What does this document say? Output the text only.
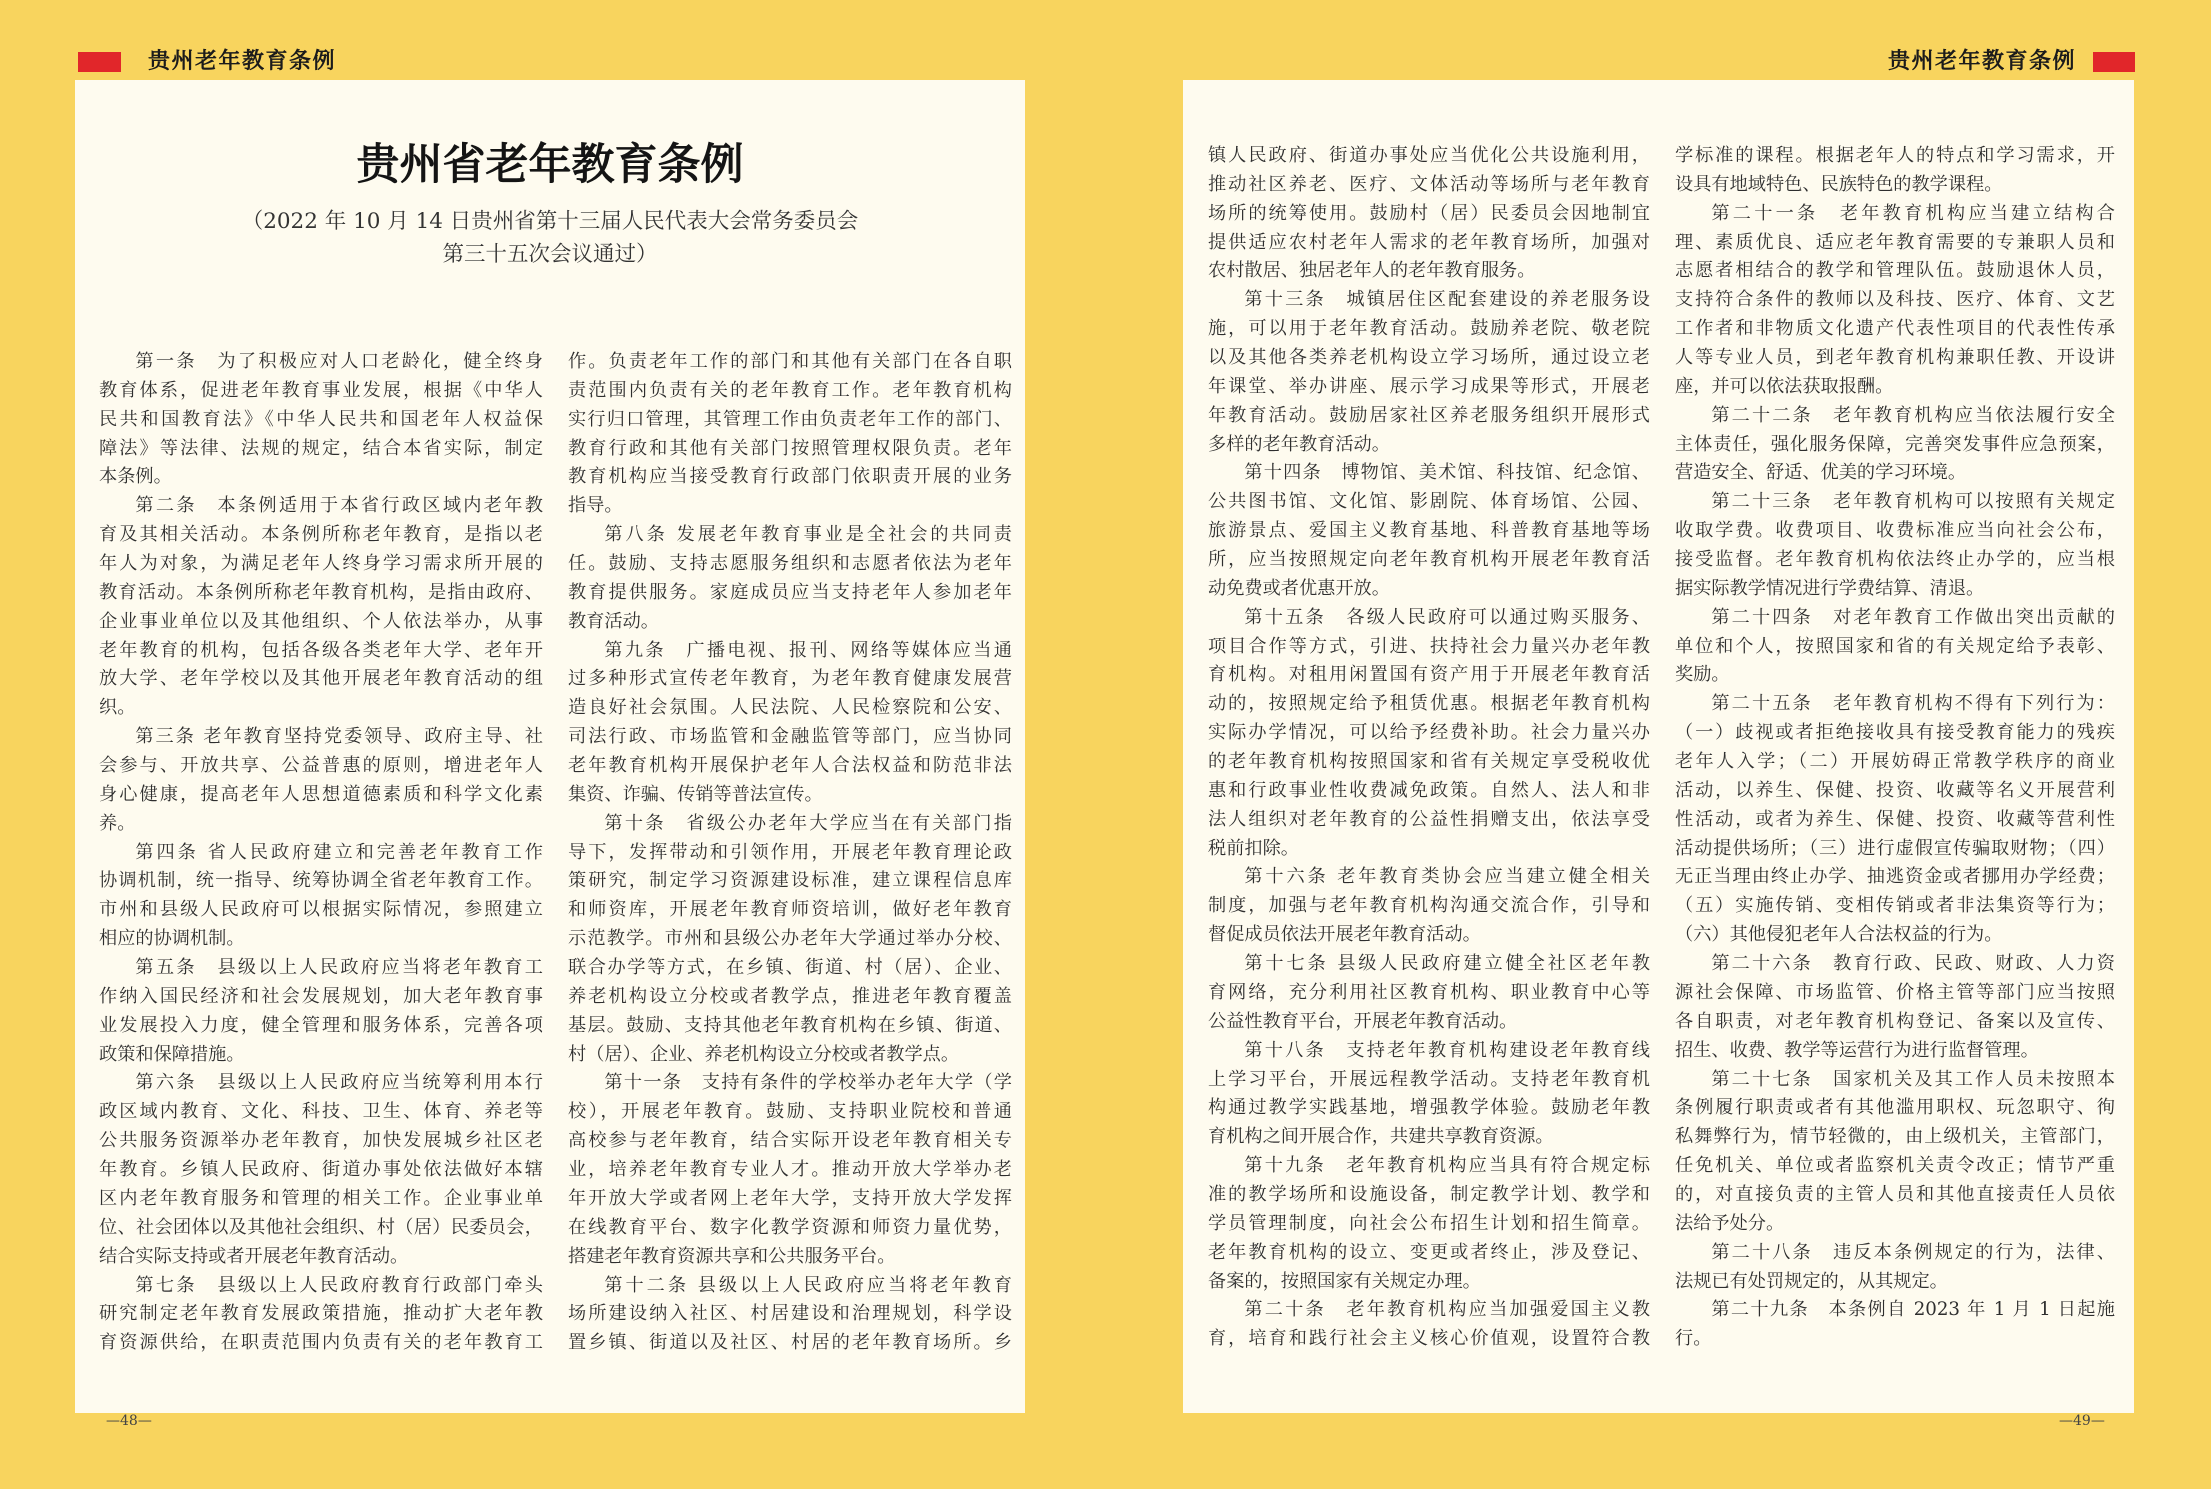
贵州老年教育条例
贵州省老年教育条例
（2022 年 10 月 14 日贵州省第十三届人民代表大会常务委员会
第三十五次会议通过）
第一条　为了积极应对人口老龄化，健全终身
教育体系，促进老年教育事业发展，根据《中华人
民共和国教育法》《中华人民共和国老年人权益保
障法》等法律、法规的规定，结合本省实际，制定
本条例。
第二条　本条例适用于本省行政区域内老年教
育及其相关活动。本条例所称老年教育，是指以老
年人为对象，为满足老年人终身学习需求所开展的
教育活动。本条例所称老年教育机构，是指由政府、
企业事业单位以及其他组织、个人依法举办，从事
老年教育的机构，包括各级各类老年大学、老年开
放大学、老年学校以及其他开展老年教育活动的组
织。
第三条 老年教育坚持党委领导、政府主导、社
会参与、开放共享、公益普惠的原则，增进老年人
身心健康，提高老年人思想道德素质和科学文化素
养。
第四条 省人民政府建立和完善老年教育工作
协调机制，统一指导、统筹协调全省老年教育工作。
市州和县级人民政府可以根据实际情况，参照建立
相应的协调机制。
第五条　县级以上人民政府应当将老年教育工
作纳入国民经济和社会发展规划，加大老年教育事
业发展投入力度，健全管理和服务体系，完善各项
政策和保障措施。
第六条　县级以上人民政府应当统筹利用本行
政区域内教育、文化、科技、卫生、体育、养老等
公共服务资源举办老年教育，加快发展城乡社区老
年教育。乡镇人民政府、街道办事处依法做好本辖
区内老年教育服务和管理的相关工作。企业事业单
位、社会团体以及其他社会组织、村（居）民委员会，
结合实际支持或者开展老年教育活动。
第七条　县级以上人民政府教育行政部门牵头
研究制定老年教育发展政策措施，推动扩大老年教
育资源供给，在职责范围内负责有关的老年教育工
作。负责老年工作的部门和其他有关部门在各自职
责范围内负责有关的老年教育工作。老年教育机构
实行归口管理，其管理工作由负责老年工作的部门、
教育行政和其他有关部门按照管理权限负责。老年
教育机构应当接受教育行政部门依职责开展的业务
指导。
第八条 发展老年教育事业是全社会的共同责
任。鼓励、支持志愿服务组织和志愿者依法为老年
教育提供服务。家庭成员应当支持老年人参加老年
教育活动。
第九条　广播电视、报刊、网络等媒体应当通
过多种形式宣传老年教育，为老年教育健康发展营
造良好社会氛围。人民法院、人民检察院和公安、
司法行政、市场监管和金融监管等部门，应当协同
老年教育机构开展保护老年人合法权益和防范非法
集资、诈骗、传销等普法宣传。
第十条　省级公办老年大学应当在有关部门指
导下，发挥带动和引领作用，开展老年教育理论政
策研究，制定学习资源建设标准，建立课程信息库
和师资库，开展老年教育师资培训，做好老年教育
示范教学。市州和县级公办老年大学通过举办分校、
联合办学等方式，在乡镇、街道、村（居）、企业、
养老机构设立分校或者教学点，推进老年教育覆盖
基层。鼓励、支持其他老年教育机构在乡镇、街道、
村（居）、企业、养老机构设立分校或者教学点。
第十一条　支持有条件的学校举办老年大学（学
校），开展老年教育。鼓励、支持职业院校和普通
高校参与老年教育，结合实际开设老年教育相关专
业，培养老年教育专业人才。推动开放大学举办老
年开放大学或者网上老年大学，支持开放大学发挥
在线教育平台、数字化教学资源和师资力量优势，
搭建老年教育资源共享和公共服务平台。
第十二条 县级以上人民政府应当将老年教育
场所建设纳入社区、村居建设和治理规划，科学设
置乡镇、街道以及社区、村居的老年教育场所。乡
—48—
贵州老年教育条例
镇人民政府、街道办事处应当优化公共设施利用，
推动社区养老、医疗、文体活动等场所与老年教育
场所的统筹使用。鼓励村（居）民委员会因地制宜
提供适应农村老年人需求的老年教育场所，加强对
农村散居、独居老年人的老年教育服务。
第十三条　城镇居住区配套建设的养老服务设
施，可以用于老年教育活动。鼓励养老院、敬老院
以及其他各类养老机构设立学习场所，通过设立老
年课堂、举办讲座、展示学习成果等形式，开展老
年教育活动。鼓励居家社区养老服务组织开展形式
多样的老年教育活动。
第十四条　博物馆、美术馆、科技馆、纪念馆、
公共图书馆、文化馆、影剧院、体育场馆、公园、
旅游景点、爱国主义教育基地、科普教育基地等场
所，应当按照规定向老年教育机构开展老年教育活
动免费或者优惠开放。
第十五条　各级人民政府可以通过购买服务、
项目合作等方式，引进、扶持社会力量兴办老年教
育机构。对租用闲置国有资产用于开展老年教育活
动的，按照规定给予租赁优惠。根据老年教育机构
实际办学情况，可以给予经费补助。社会力量兴办
的老年教育机构按照国家和省有关规定享受税收优
惠和行政事业性收费减免政策。自然人、法人和非
法人组织对老年教育的公益性捐赠支出，依法享受
税前扣除。
第十六条 老年教育类协会应当建立健全相关
制度，加强与老年教育机构沟通交流合作，引导和
督促成员依法开展老年教育活动。
第十七条 县级人民政府建立健全社区老年教
育网络，充分利用社区教育机构、职业教育中心等
公益性教育平台，开展老年教育活动。
第十八条　支持老年教育机构建设老年教育线
上学习平台，开展远程教学活动。支持老年教育机
构通过教学实践基地，增强教学体验。鼓励老年教
育机构之间开展合作，共建共享教育资源。
第十九条　老年教育机构应当具有符合规定标
准的教学场所和设施设备，制定教学计划、教学和
学员管理制度，向社会公布招生计划和招生简章。
老年教育机构的设立、变更或者终止，涉及登记、
备案的，按照国家有关规定办理。
第二十条　老年教育机构应当加强爱国主义教
育，培育和践行社会主义核心价值观，设置符合教
学标准的课程。根据老年人的特点和学习需求，开
设具有地域特色、民族特色的教学课程。
第二十一条　老年教育机构应当建立结构合
理、素质优良、适应老年教育需要的专兼职人员和
志愿者相结合的教学和管理队伍。鼓励退休人员，
支持符合条件的教师以及科技、医疗、体育、文艺
工作者和非物质文化遗产代表性项目的代表性传承
人等专业人员，到老年教育机构兼职任教、开设讲
座，并可以依法获取报酬。
第二十二条　老年教育机构应当依法履行安全
主体责任，强化服务保障，完善突发事件应急预案，
营造安全、舒适、优美的学习环境。
第二十三条　老年教育机构可以按照有关规定
收取学费。收费项目、收费标准应当向社会公布，
接受监督。老年教育机构依法终止办学的，应当根
据实际教学情况进行学费结算、清退。
第二十四条　对老年教育工作做出突出贡献的
单位和个人，按照国家和省的有关规定给予表彰、
奖励。
第二十五条　老年教育机构不得有下列行为：
（一）歧视或者拒绝接收具有接受教育能力的残疾
老年人入学；（二）开展妨碍正常教学秩序的商业
活动，以养生、保健、投资、收藏等名义开展营利
性活动，或者为养生、保健、投资、收藏等营利性
活动提供场所；（三）进行虚假宣传骗取财物；（四）
无正当理由终止办学、抽逃资金或者挪用办学经费；
（五）实施传销、变相传销或者非法集资等行为；
（六）其他侵犯老年人合法权益的行为。
第二十六条　教育行政、民政、财政、人力资
源社会保障、市场监管、价格主管等部门应当按照
各自职责，对老年教育机构登记、备案以及宣传、
招生、收费、教学等运营行为进行监督管理。
第二十七条　国家机关及其工作人员未按照本
条例履行职责或者有其他滥用职权、玩忽职守、徇
私舞弊行为，情节轻微的，由上级机关，主管部门，
任免机关、单位或者监察机关责令改正；情节严重
的，对直接负责的主管人员和其他直接责任人员依
法给予处分。
第二十八条　违反本条例规定的行为，法律、
法规已有处罚规定的，从其规定。
第二十九条　本条例自 2023 年 1 月 1 日起施
行。
—49—
